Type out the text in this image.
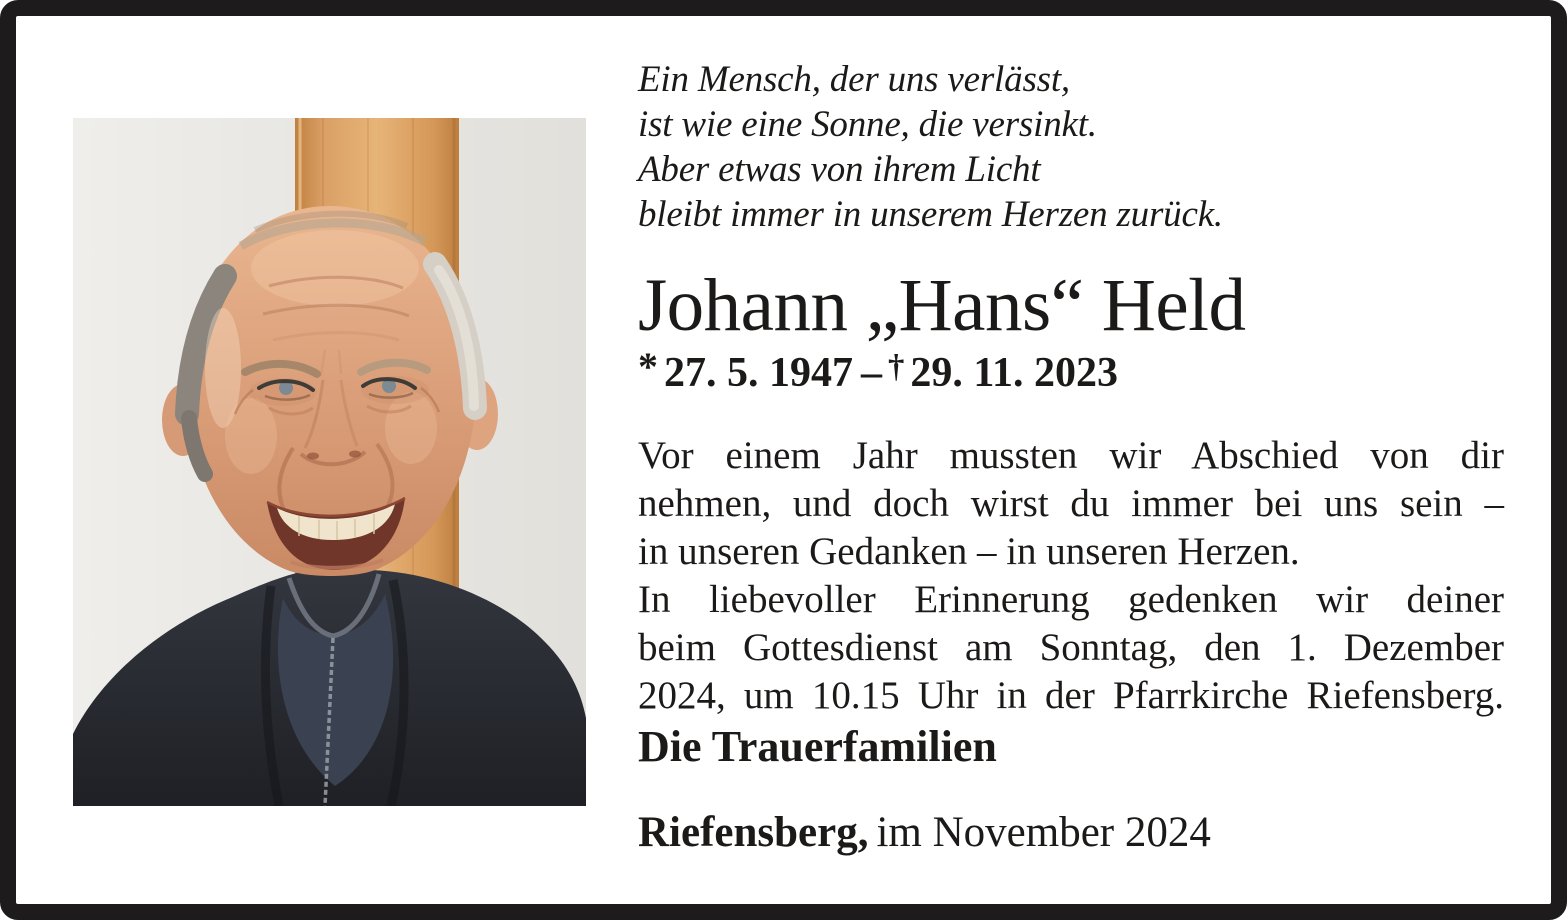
Ein Mensch, der uns verlässt,
ist wie eine Sonne, die versinkt.
Aber etwas von ihrem Licht
bleibt immer in unserem Herzen zurück.
Johann „Hans“ Held
* 27. 5. 1947 – † 29. 11. 2023
Vor einem Jahr mussten wir Abschied von dir
nehmen, und doch wirst du immer bei uns sein –
in unseren Gedanken – in unseren Herzen.
In liebevoller Erinnerung gedenken wir deiner
beim Gottesdienst am Sonntag, den 1. Dezember
2024, um 10.15 Uhr in der Pfarrkirche Riefensberg.
Die Trauerfamilien
Riefensberg, im November 2024
